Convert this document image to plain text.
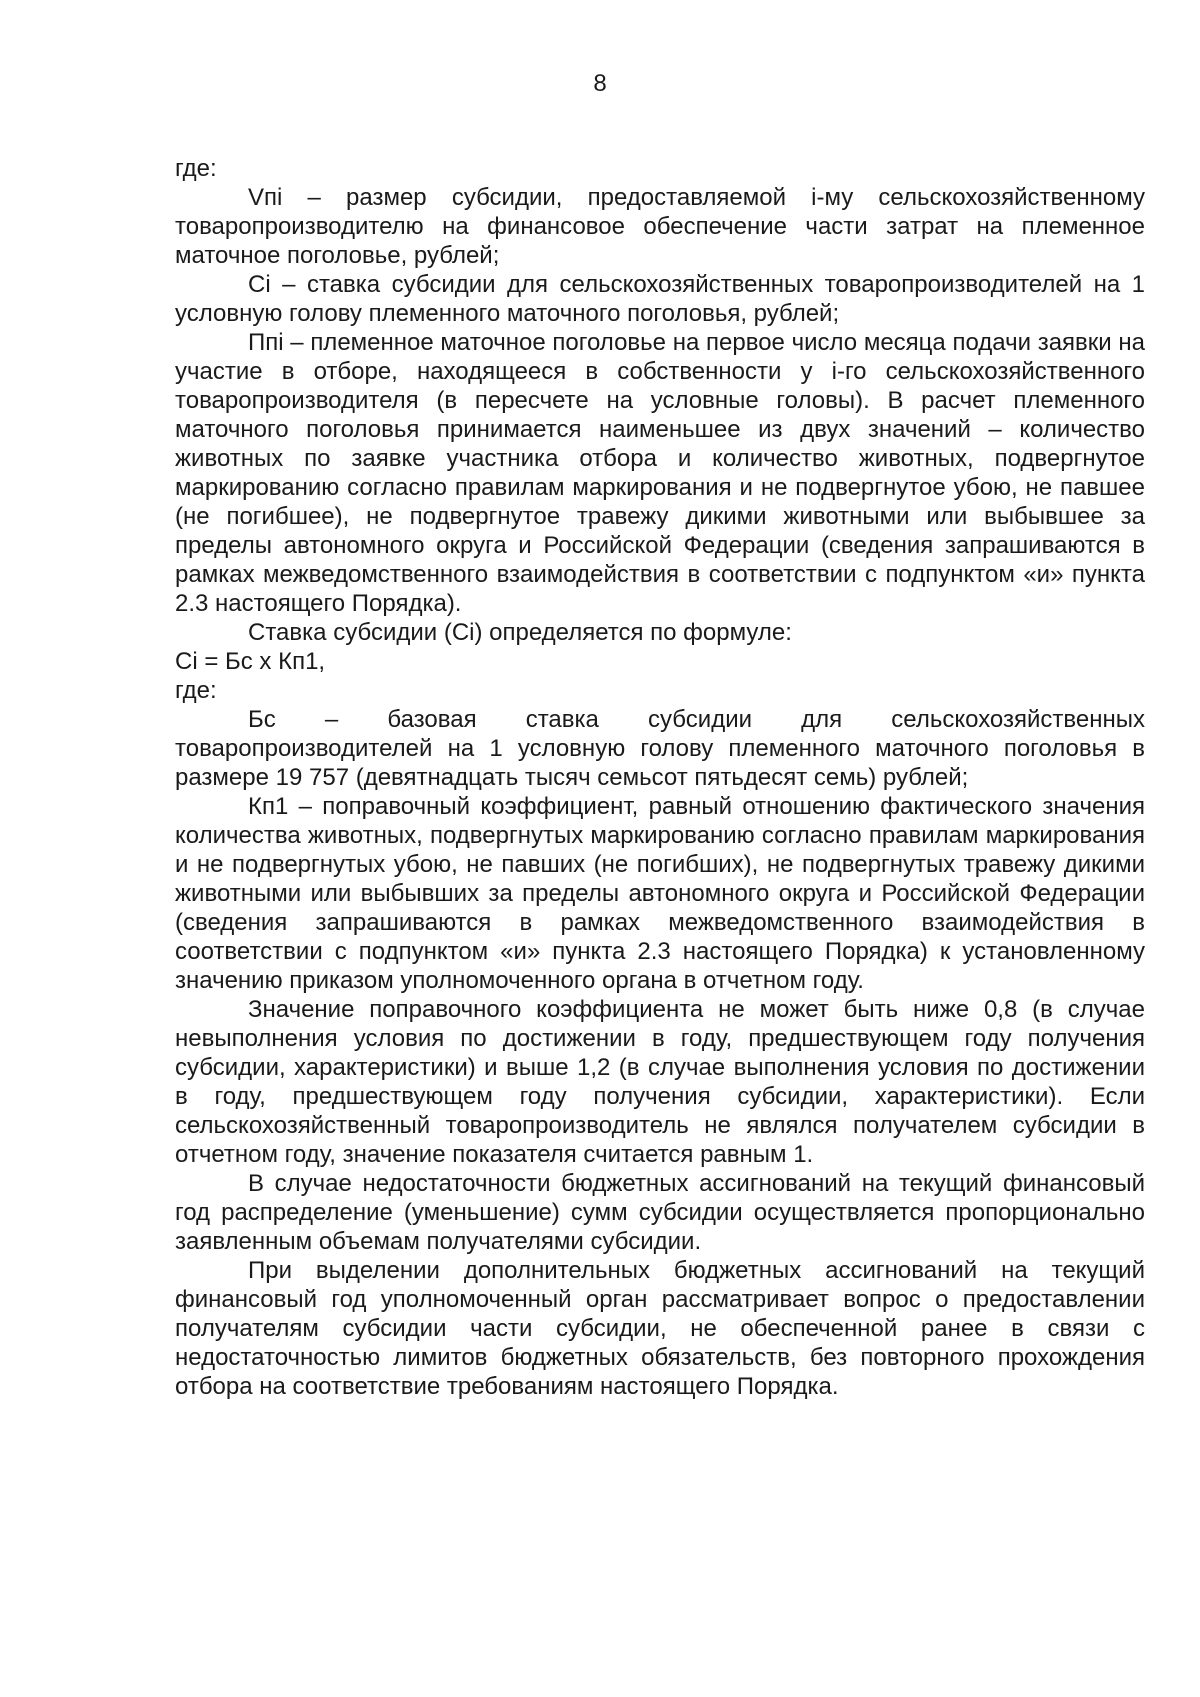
8

где:

Vпi – размер субсидии, предоставляемой i-му сельскохозяйственному товаропроизводителю на финансовое обеспечение части затрат на племенное маточное поголовье, рублей;

Сi – ставка субсидии для сельскохозяйственных товаропроизводителей на 1 условную голову племенного маточного поголовья, рублей;

Ппi – племенное маточное поголовье на первое число месяца подачи заявки на участие в отборе, находящееся в собственности у i-го сельскохозяйственного товаропроизводителя (в пересчете на условные головы). В расчет племенного маточного поголовья принимается наименьшее из двух значений – количество животных по заявке участника отбора и количество животных, подвергнутое маркированию согласно правилам маркирования и не подвергнутое убою, не павшее (не погибшее), не подвергнутое травежу дикими животными или выбывшее за пределы автономного округа и Российской Федерации (сведения запрашиваются в рамках межведомственного взаимодействия в соответствии с подпунктом «и» пункта 2.3 настоящего Порядка).

Ставка субсидии (Сi) определяется по формуле:

Сi = Бс х Кп1,

где:

Бс – базовая ставка субсидии для сельскохозяйственных товаропроизводителей на 1 условную голову племенного маточного поголовья в размере 19 757 (девятнадцать тысяч семьсот пятьдесят семь) рублей;

Кп1 – поправочный коэффициент, равный отношению фактического значения количества животных, подвергнутых маркированию согласно правилам маркирования и не подвергнутых убою, не павших (не погибших), не подвергнутых травежу дикими животными или выбывших за пределы автономного округа и Российской Федерации (сведения запрашиваются в рамках межведомственного взаимодействия в соответствии с подпунктом «и» пункта 2.3 настоящего Порядка) к установленному значению приказом уполномоченного органа в отчетном году.

Значение поправочного коэффициента не может быть ниже 0,8 (в случае невыполнения условия по достижении в году, предшествующем году получения субсидии, характеристики) и выше 1,2 (в случае выполнения условия по достижении в году, предшествующем году получения субсидии, характеристики). Если сельскохозяйственный товаропроизводитель не являлся получателем субсидии в отчетном году, значение показателя считается равным 1.

В случае недостаточности бюджетных ассигнований на текущий финансовый год распределение (уменьшение) сумм субсидии осуществляется пропорционально заявленным объемам получателями субсидии.

При выделении дополнительных бюджетных ассигнований на текущий финансовый год уполномоченный орган рассматривает вопрос о предоставлении получателям субсидии части субсидии, не обеспеченной ранее в связи с недостаточностью лимитов бюджетных обязательств, без повторного прохождения отбора на соответствие требованиям настоящего Порядка.
